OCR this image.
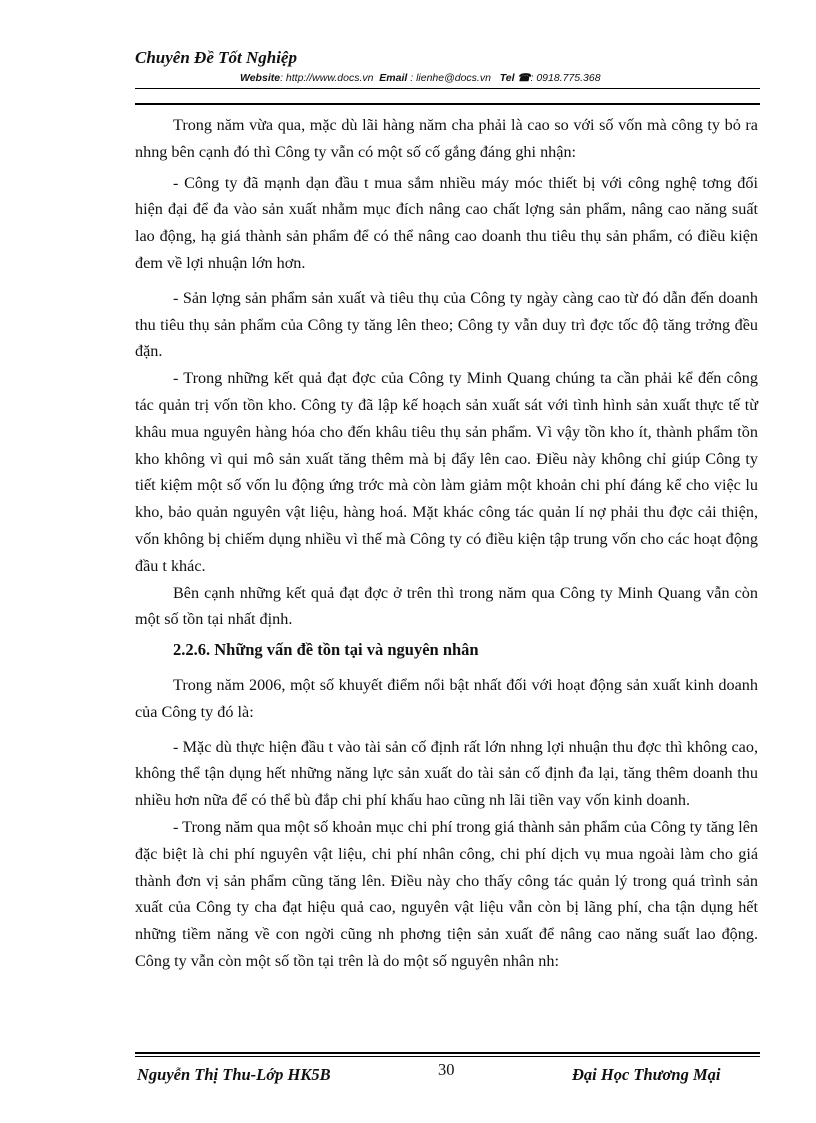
Chuyên Đề Tốt Nghiệp
Website: http://www.docs.vn Email : lienhe@docs.vn Tel ☎: 0918.775.368

Trong năm vừa qua, mặc dù lãi hàng năm cha phải là cao so với số vốn mà công ty bỏ ra nhng bên cạnh đó thì Công ty vẫn có một số cố gắng đáng ghi nhận:

- Công ty đã mạnh dạn đầu t mua sắm nhiều máy móc thiết bị với công nghệ tơng đối hiện đại để đa vào sản xuất nhằm mục đích nâng cao chất lợng sản phẩm, nâng cao năng suất lao động, hạ giá thành sản phẩm để có thể nâng cao doanh thu tiêu thụ sản phẩm, có điều kiện đem về lợi nhuận lớn hơn.

- Sản lợng sản phẩm sản xuất và tiêu thụ của Công ty ngày càng cao từ đó dẫn đến doanh thu tiêu thụ sản phẩm của Công ty tăng lên theo; Công ty vẫn duy trì đợc tốc độ tăng trởng đều đặn.

- Trong những kết quả đạt đợc của Công ty Minh Quang chúng ta cần phải kể đến công tác quản trị vốn tồn kho. Công ty đã lập kế hoạch sản xuất sát với tình hình sản xuất thực tế từ khâu mua nguyên hàng hóa cho đến khâu tiêu thụ sản phẩm. Vì vậy tồn kho ít, thành phẩm tồn kho không vì qui mô sản xuất tăng thêm mà bị đẩy lên cao. Điều này không chỉ giúp Công ty tiết kiệm một số vốn lu động ứng trớc mà còn làm giảm một khoản chi phí đáng kể cho việc lu kho, bảo quản nguyên vật liệu, hàng hoá. Mặt khác công tác quản lí nợ phải thu đợc cải thiện, vốn không bị chiếm dụng nhiều vì thế mà Công ty có điều kiện tập trung vốn cho các hoạt động đầu t khác.

Bên cạnh những kết quả đạt đợc ở trên thì trong năm qua Công ty Minh Quang vẫn còn một số tồn tại nhất định.

2.2.6. Những vấn đề tồn tại và nguyên nhân

Trong năm 2006, một số khuyết điểm nổi bật nhất đối với hoạt động sản xuất kinh doanh của Công ty đó là:

- Mặc dù thực hiện đầu t vào tài sản cố định rất lớn nhng lợi nhuận thu đợc thì không cao, không thể tận dụng hết những năng lực sản xuất do tài sản cố định đa lại, tăng thêm doanh thu nhiều hơn nữa để có thể bù đắp chi phí khấu hao cũng nh lãi tiền vay vốn kinh doanh.

- Trong năm qua một số khoản mục chi phí trong giá thành sản phẩm của Công ty tăng lên đặc biệt là chi phí nguyên vật liệu, chi phí nhân công, chi phí dịch vụ mua ngoài làm cho giá thành đơn vị sản phẩm cũng tăng lên. Điều này cho thấy công tác quản lý trong quá trình sản xuất của Công ty cha đạt hiệu quả cao, nguyên vật liệu vẫn còn bị lãng phí, cha tận dụng hết những tiềm năng về con ngời cũng nh phơng tiện sản xuất để nâng cao năng suất lao động. Công ty vẫn còn một số tồn tại trên là do một số nguyên nhân nh:

Nguyễn Thị Thu-Lớp HK5B	30	Đại Học Thương Mại
